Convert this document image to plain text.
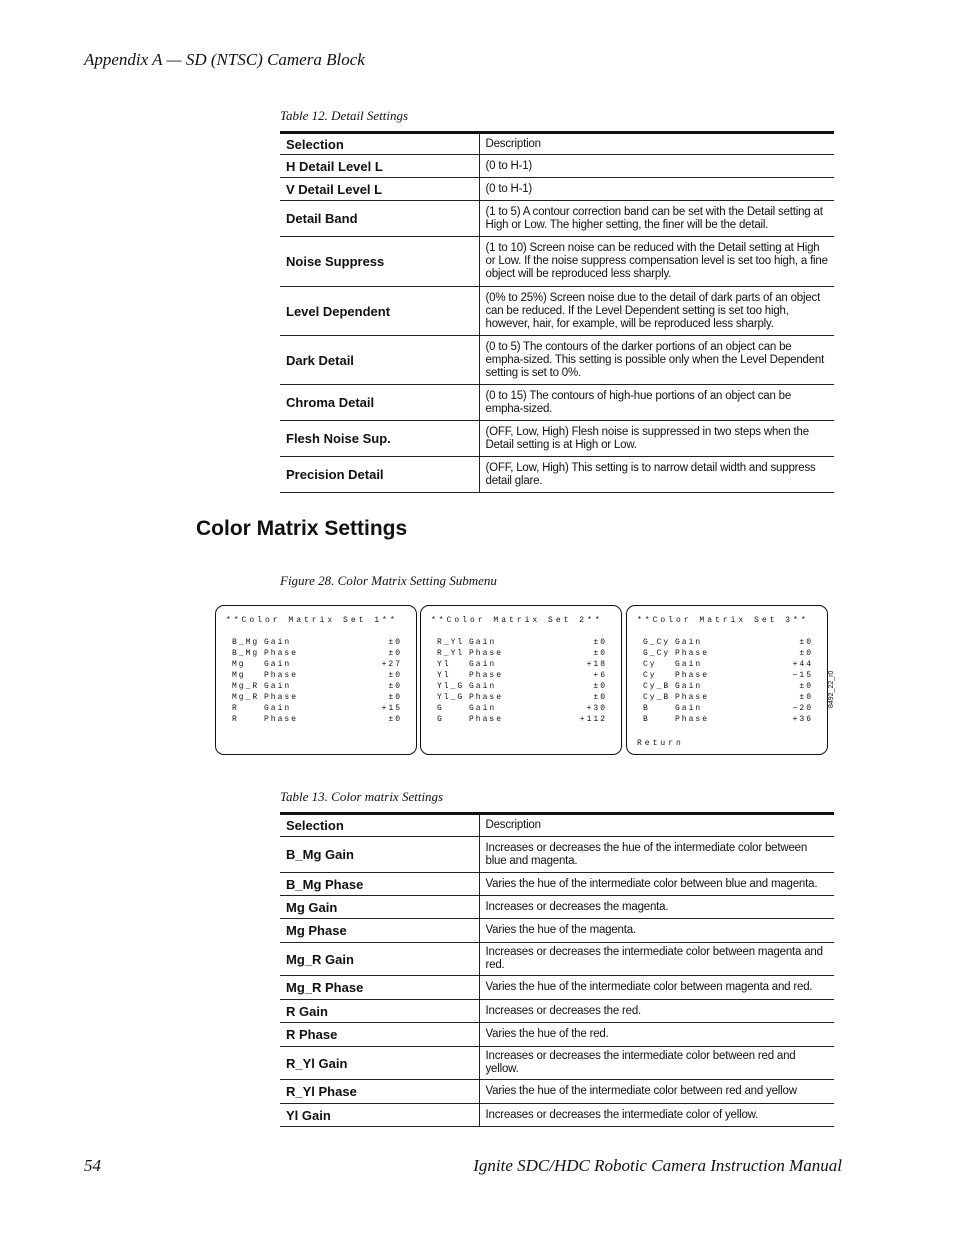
Appendix A — SD (NTSC) Camera Block
Table 12. Detail Settings
Selection	Description
H Detail Level L	(0 to H-1)
V Detail Level L	(0 to H-1)
Detail Band	(1 to 5) A contour correction band can be set with the Detail setting at High or Low. The higher setting, the finer will be the detail.
Noise Suppress	(1 to 10) Screen noise can be reduced with the Detail setting at High or Low. If the noise suppress compensation level is set too high, a fine object will be reproduced less sharply.
Level Dependent	(0% to 25%) Screen noise due to the detail of dark parts of an object can be reduced. If the Level Dependent setting is set too high, however, hair, for example, will be reproduced less sharply.
Dark Detail	(0 to 5) The contours of the darker portions of an object can be empha-sized. This setting is possible only when the Level Dependent setting is set to 0%.
Chroma Detail	(0 to 15) The contours of high-hue portions of an object can be empha-sized.
Flesh Noise Sup.	(OFF, Low, High) Flesh noise is suppressed in two steps when the Detail setting is at High or Low.
Precision Detail	(OFF, Low, High) This setting is to narrow detail width and suppress detail glare.
Color Matrix Settings
Figure 28. Color Matrix Setting Submenu
**Color Matrix Set 1**
B_Mg Gain	±0
B_Mg Phase	±0
Mg Gain	+27
Mg Phase	±0
Mg_R Gain	±0
Mg_R Phase	±0
R	Gain	+15
R	Phase	±0
**Color Matrix Set 2**
R_Yl Gain	±0
R_Yl Phase	±0
Yl Gain	+18
Yl Phase	+6
Yl_G Gain	±0
Yl_G Phase	±0
G	Gain	+30
G	Phase	+112
**Color Matrix Set 3**
G_Cy Gain	±0
G_Cy Phase	±0
Cy Gain	+44
Cy Phase	−15
Cy_B Gain	±0
Cy_B Phase	±0
B	Gain	−20
B	Phase	+36
Return
8492_22_r0
Table 13. Color matrix Settings
Selection	Description
B_Mg Gain	Increases or decreases the hue of the intermediate color between blue and magenta.
B_Mg Phase	Varies the hue of the intermediate color between blue and magenta.
Mg Gain	Increases or decreases the magenta.
Mg Phase	Varies the hue of the magenta.
Mg_R Gain	Increases or decreases the intermediate color between magenta and red.
Mg_R Phase	Varies the hue of the intermediate color between magenta and red.
R Gain	Increases or decreases the red.
R Phase	Varies the hue of the red.
R_Yl Gain	Increases or decreases the intermediate color between red and yellow.
R_Yl Phase	Varies the hue of the intermediate color between red and yellow
Yl Gain	Increases or decreases the intermediate color of yellow.
54	Ignite SDC/HDC Robotic Camera Instruction Manual
